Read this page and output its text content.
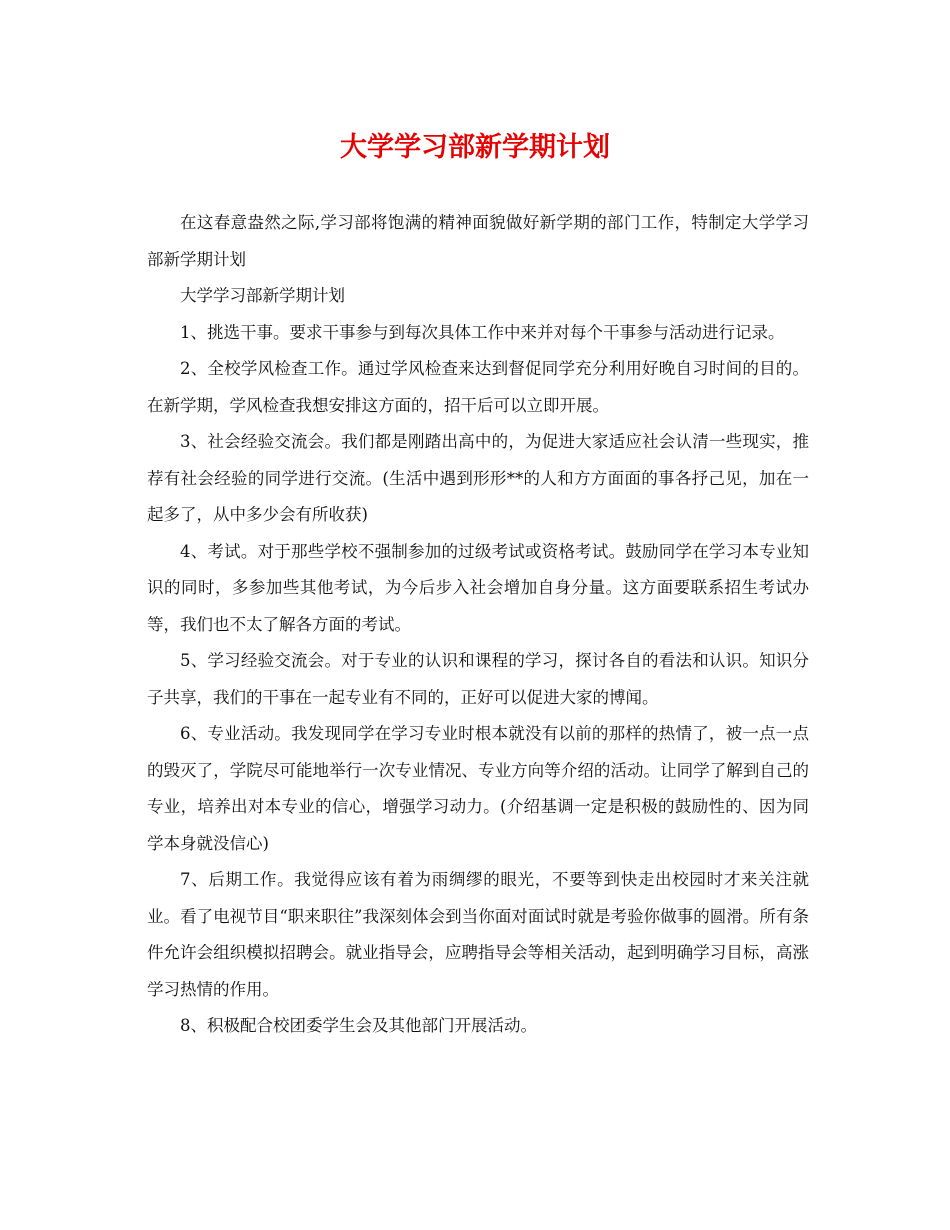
大学学习部新学期计划

在这春意盎然之际,学习部将饱满的精神面貌做好新学期的部门工作，特制定大学学习部新学期计划

大学学习部新学期计划

1、挑选干事。要求干事参与到每次具体工作中来并对每个干事参与活动进行记录。

2、全校学风检查工作。通过学风检查来达到督促同学充分利用好晚自习时间的目的。在新学期，学风检查我想安排这方面的，招干后可以立即开展。

3、社会经验交流会。我们都是刚踏出高中的，为促进大家适应社会认清一些现实，推荐有社会经验的同学进行交流。(生活中遇到形形**的人和方方面面的事各抒己见，加在一起多了，从中多少会有所收获)

4、考试。对于那些学校不强制参加的过级考试或资格考试。鼓励同学在学习本专业知识的同时，多参加些其他考试，为今后步入社会增加自身分量。这方面要联系招生考试办等，我们也不太了解各方面的考试。

5、学习经验交流会。对于专业的认识和课程的学习，探讨各自的看法和认识。知识分子共享，我们的干事在一起专业有不同的，正好可以促进大家的博闻。

6、专业活动。我发现同学在学习专业时根本就没有以前的那样的热情了，被一点一点的毁灭了，学院尽可能地举行一次专业情况、专业方向等介绍的活动。让同学了解到自己的专业，培养出对本专业的信心，增强学习动力。(介绍基调一定是积极的鼓励性的、因为同学本身就没信心)

7、后期工作。我觉得应该有着为雨绸缪的眼光，不要等到快走出校园时才来关注就业。看了电视节目“职来职往”我深刻体会到当你面对面试时就是考验你做事的圆滑。所有条件允许会组织模拟招聘会。就业指导会，应聘指导会等相关活动，起到明确学习目标，高涨学习热情的作用。

8、积极配合校团委学生会及其他部门开展活动。
